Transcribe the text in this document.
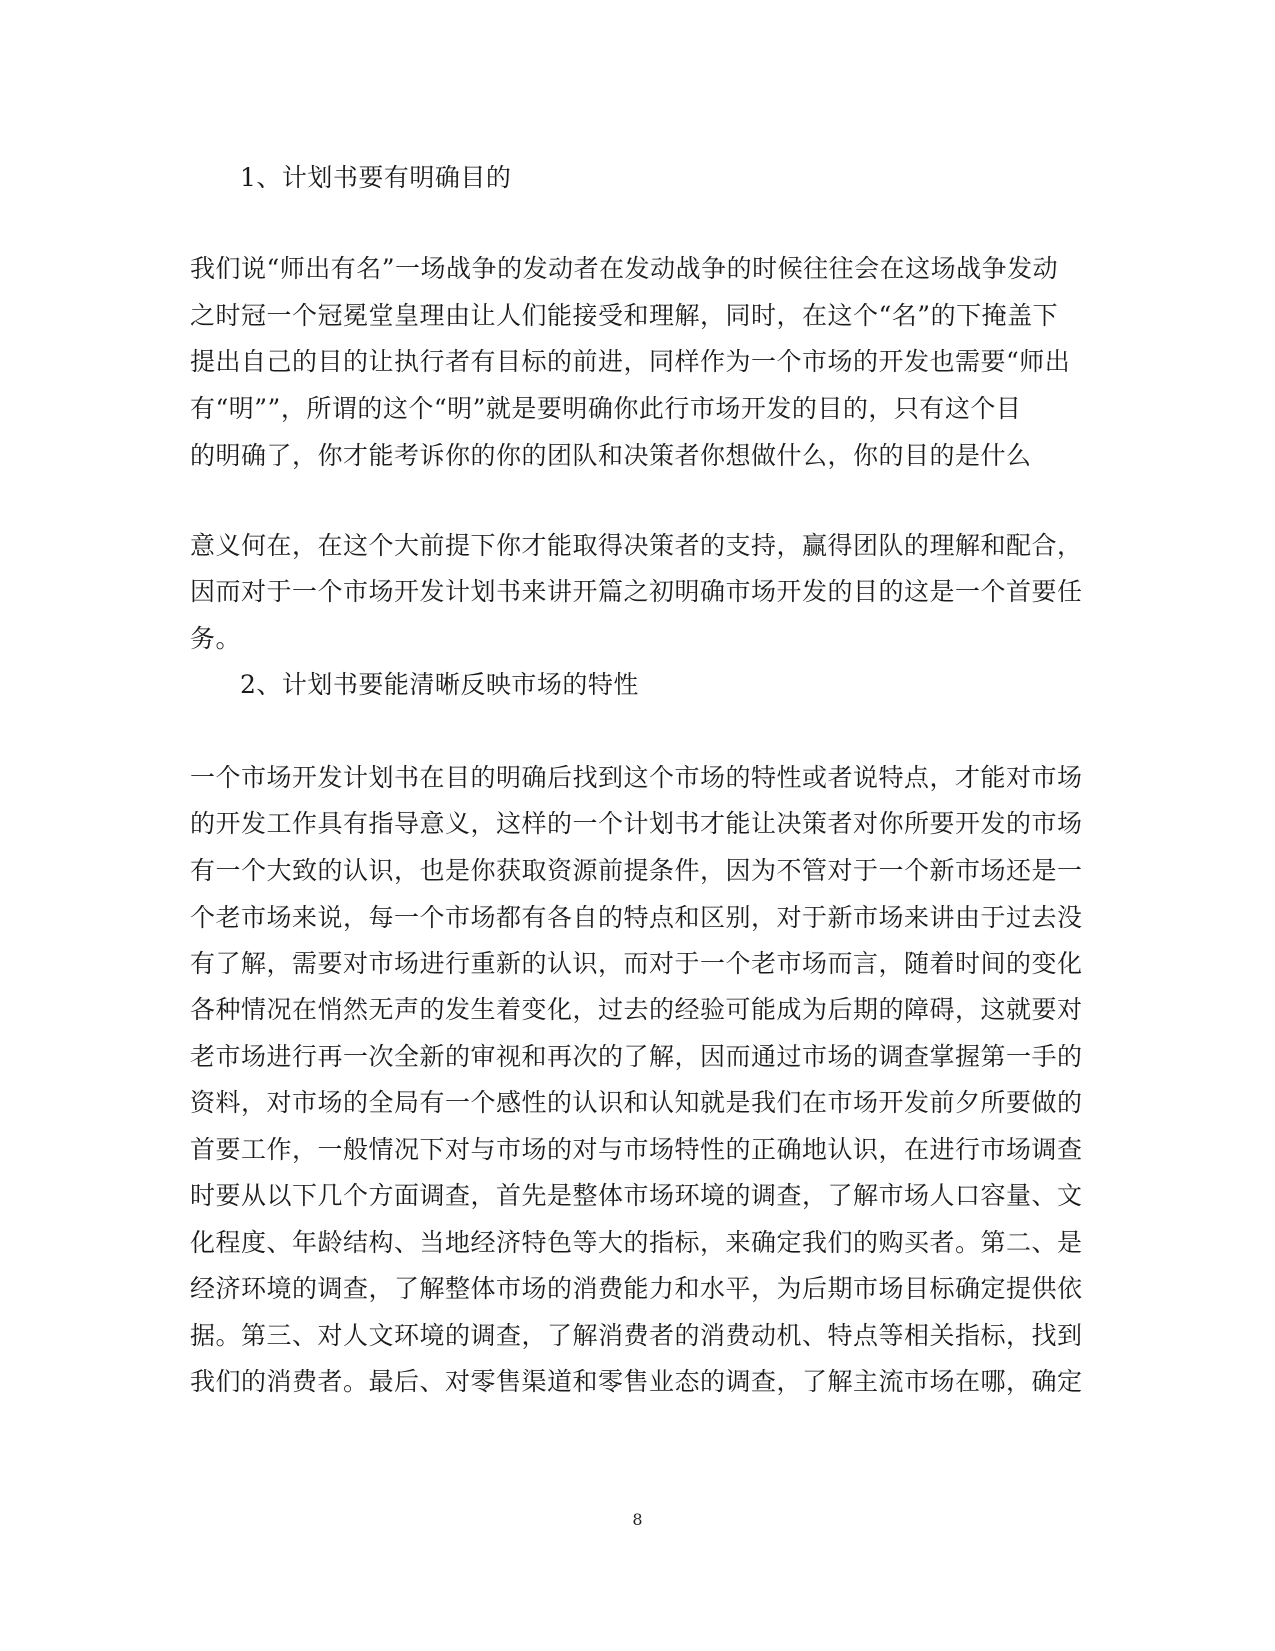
1、计划书要有明确目的
我们说“师出有名”一场战争的发动者在发动战争的时候往往会在这场战争发动
之时冠一个冠冕堂皇理由让人们能接受和理解，同时，在这个“名”的下掩盖下
提出自己的目的让执行者有目标的前进，同样作为一个市场的开发也需要“师出
有“明””，所谓的这个“明”就是要明确你此行市场开发的目的，只有这个目
的明确了，你才能考诉你的你的团队和决策者你想做什么，你的目的是什么
意义何在，在这个大前提下你才能取得决策者的支持，赢得团队的理解和配合，
因而对于一个市场开发计划书来讲开篇之初明确市场开发的目的这是一个首要任
务。
2、计划书要能清晰反映市场的特性
一个市场开发计划书在目的明确后找到这个市场的特性或者说特点，才能对市场
的开发工作具有指导意义，这样的一个计划书才能让决策者对你所要开发的市场
有一个大致的认识，也是你获取资源前提条件，因为不管对于一个新市场还是一
个老市场来说，每一个市场都有各自的特点和区别，对于新市场来讲由于过去没
有了解，需要对市场进行重新的认识，而对于一个老市场而言，随着时间的变化
各种情况在悄然无声的发生着变化，过去的经验可能成为后期的障碍，这就要对
老市场进行再一次全新的审视和再次的了解，因而通过市场的调查掌握第一手的
资料，对市场的全局有一个感性的认识和认知就是我们在市场开发前夕所要做的
首要工作，一般情况下对与市场的对与市场特性的正确地认识，在进行市场调查
时要从以下几个方面调查，首先是整体市场环境的调查，了解市场人口容量、文
化程度、年龄结构、当地经济特色等大的指标，来确定我们的购买者。第二、是
经济环境的调查，了解整体市场的消费能力和水平，为后期市场目标确定提供依
据。第三、对人文环境的调查，了解消费者的消费动机、特点等相关指标，找到
我们的消费者。最后、对零售渠道和零售业态的调查，了解主流市场在哪，确定
8
